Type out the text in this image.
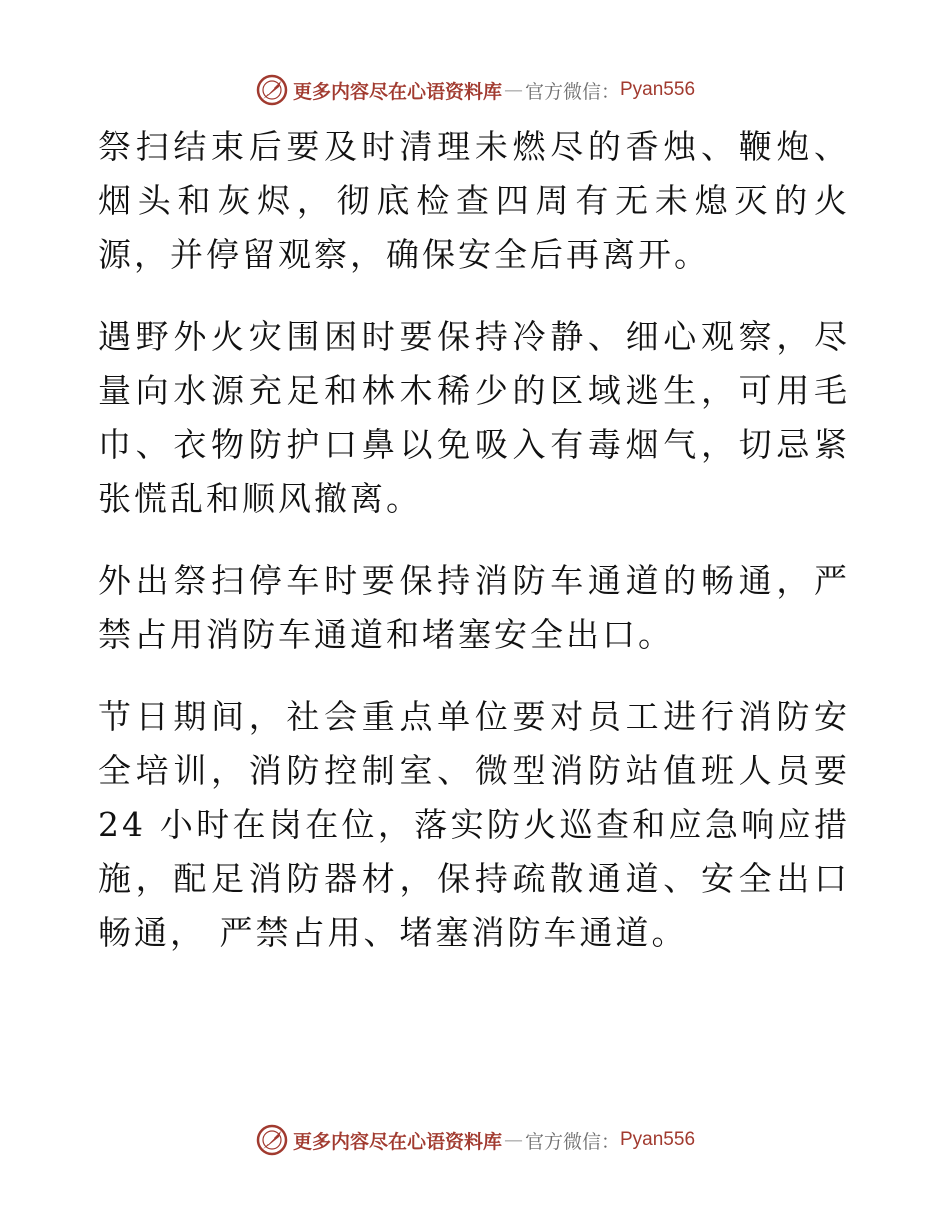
更多内容尽在心语资料库 — 官方微信： Pyan556

祭扫结束后要及时清理未燃尽的香烛、鞭炮、烟头和灰烬，彻底检查四周有无未熄灭的火源，并停留观察，确保安全后再离开。

遇野外火灾围困时要保持冷静、细心观察，尽量向水源充足和林木稀少的区域逃生，可用毛巾、衣物防护口鼻以免吸入有毒烟气，切忌紧张慌乱和顺风撤离。

外出祭扫停车时要保持消防车通道的畅通，严禁占用消防车通道和堵塞安全出口。

节日期间，社会重点单位要对员工进行消防安全培训，消防控制室、微型消防站值班人员要 24 小时在岗在位，落实防火巡查和应急响应措施，配足消防器材，保持疏散通道、安全出口畅通， 严禁占用、堵塞消防车通道。

更多内容尽在心语资料库 — 官方微信： Pyan556
